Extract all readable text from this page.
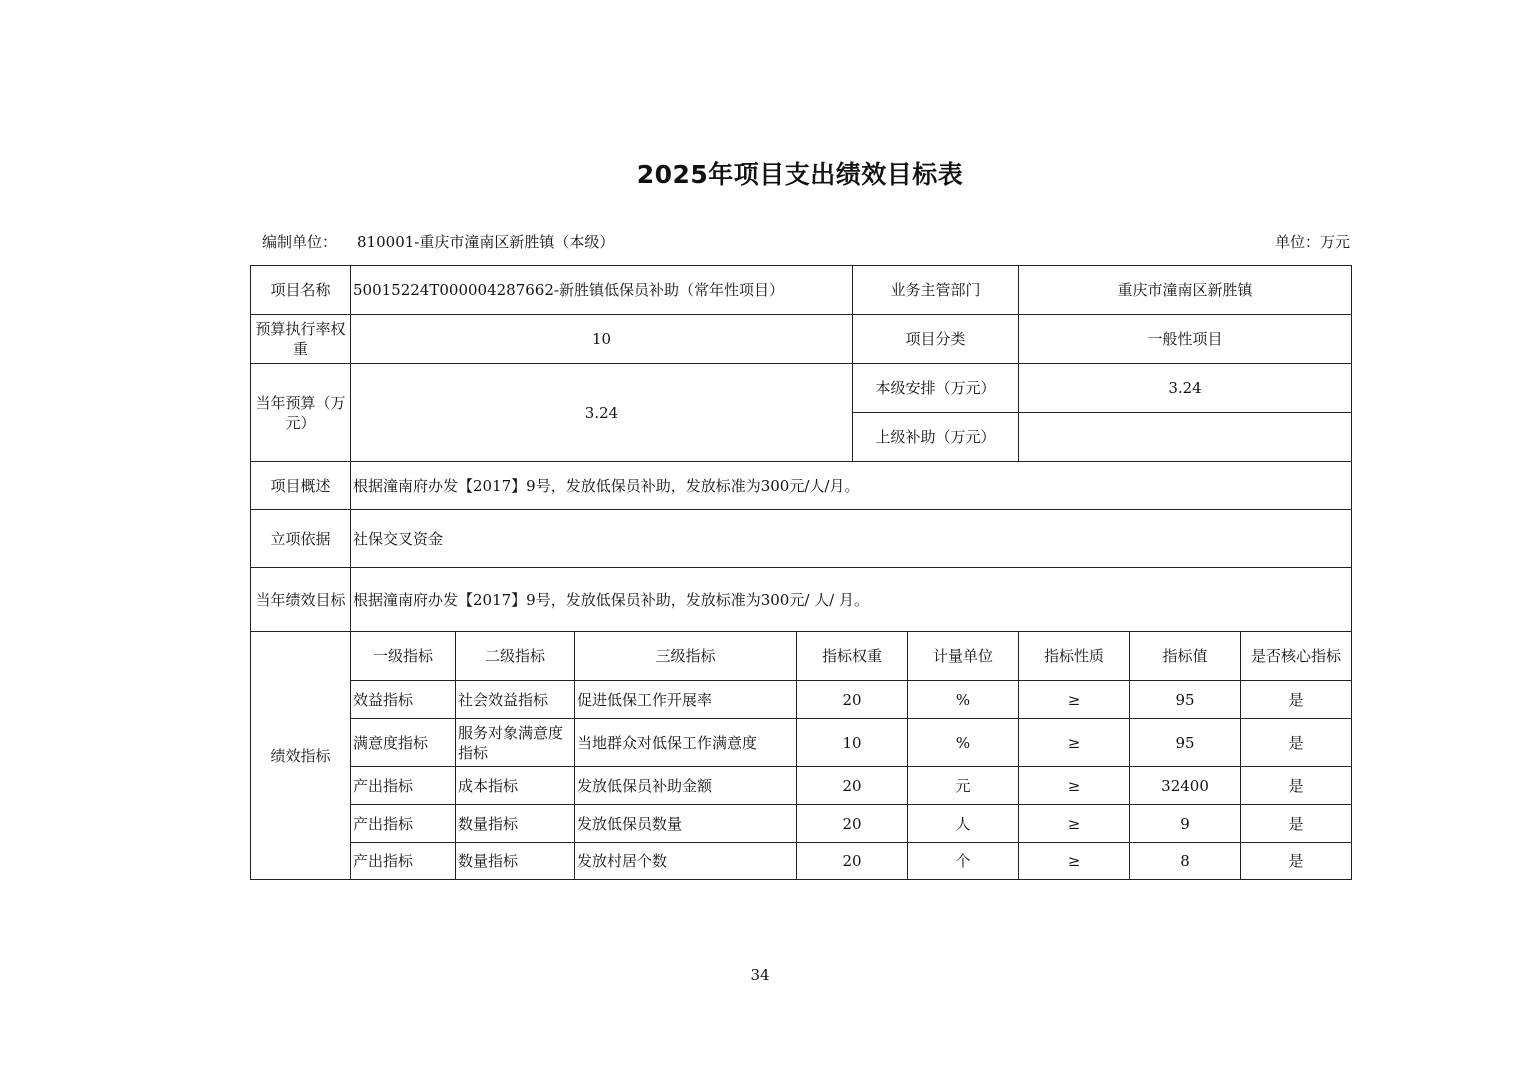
2025年项目支出绩效目标表
编制单位： 810001-重庆市潼南区新胜镇（本级）	单位：万元
项目名称	50015224T000004287662-新胜镇低保员补助（常年性项目）				业务主管部门		重庆市潼南区新胜镇		
预算执行率权重	10				项目分类		一般性项目		
当年预算（万元）	3.24				本级安排（万元）		3.24		
					上级补助（万元）				
项目概述	根据潼南府办发【2017】9号，发放低保员补助，发放标准为300元/人/月。								
立项依据	社保交叉资金								
当年绩效目标	根据潼南府办发【2017】9号，发放低保员补助，发放标准为300元/ 人/ 月。								
绩效指标	一级指标	二级指标	三级指标	指标权重		计量单位	指标性质	指标值	是否核心指标
	效益指标	社会效益指标	促进低保工作开展率	20		%	≥	95	是
	满意度指标	服务对象满意度指标	当地群众对低保工作满意度	10		%	≥	95	是
	产出指标	成本指标	发放低保员补助金额	20		元	≥	32400	是
	产出指标	数量指标	发放低保员数量	20		人	≥	9	是
	产出指标	数量指标	发放村居个数	20		个	≥	8	是
34
